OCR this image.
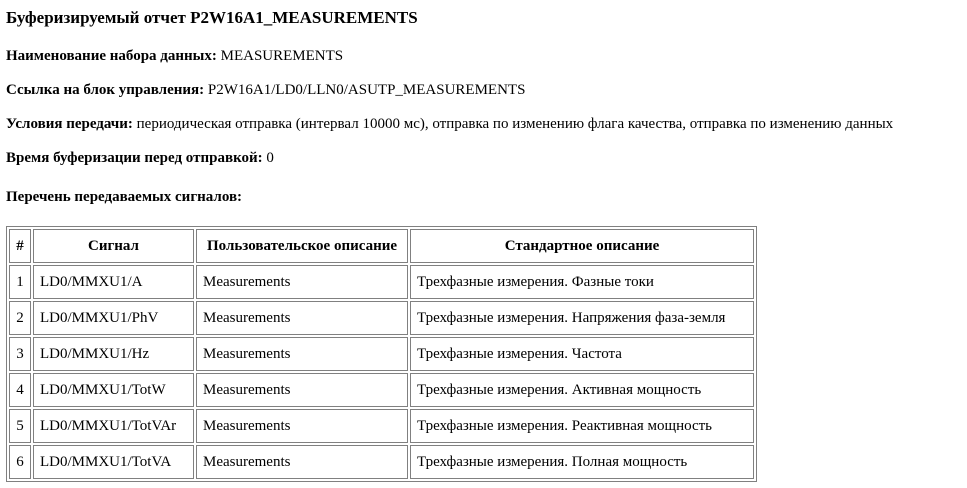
Буферизируемый отчет P2W16A1_MEASUREMENTS

Наименование набора данных: MEASUREMENTS

Ссылка на блок управления: P2W16A1/LD0/LLN0/ASUTP_MEASUREMENTS

Условия передачи: периодическая отправка (интервал 10000 мс), отправка по изменению флага качества, отправка по изменению данных

Время буферизации перед отправкой: 0

Перечень передаваемых сигналов:

#	Сигнал	Пользовательское описание	Стандартное описание
1	LD0/MMXU1/A	Measurements	Трехфазные измерения. Фазные токи
2	LD0/MMXU1/PhV	Measurements	Трехфазные измерения. Напряжения фаза-земля
3	LD0/MMXU1/Hz	Measurements	Трехфазные измерения. Частота
4	LD0/MMXU1/TotW	Measurements	Трехфазные измерения. Активная мощность
5	LD0/MMXU1/TotVAr	Measurements	Трехфазные измерения. Реактивная мощность
6	LD0/MMXU1/TotVA	Measurements	Трехфазные измерения. Полная мощность
